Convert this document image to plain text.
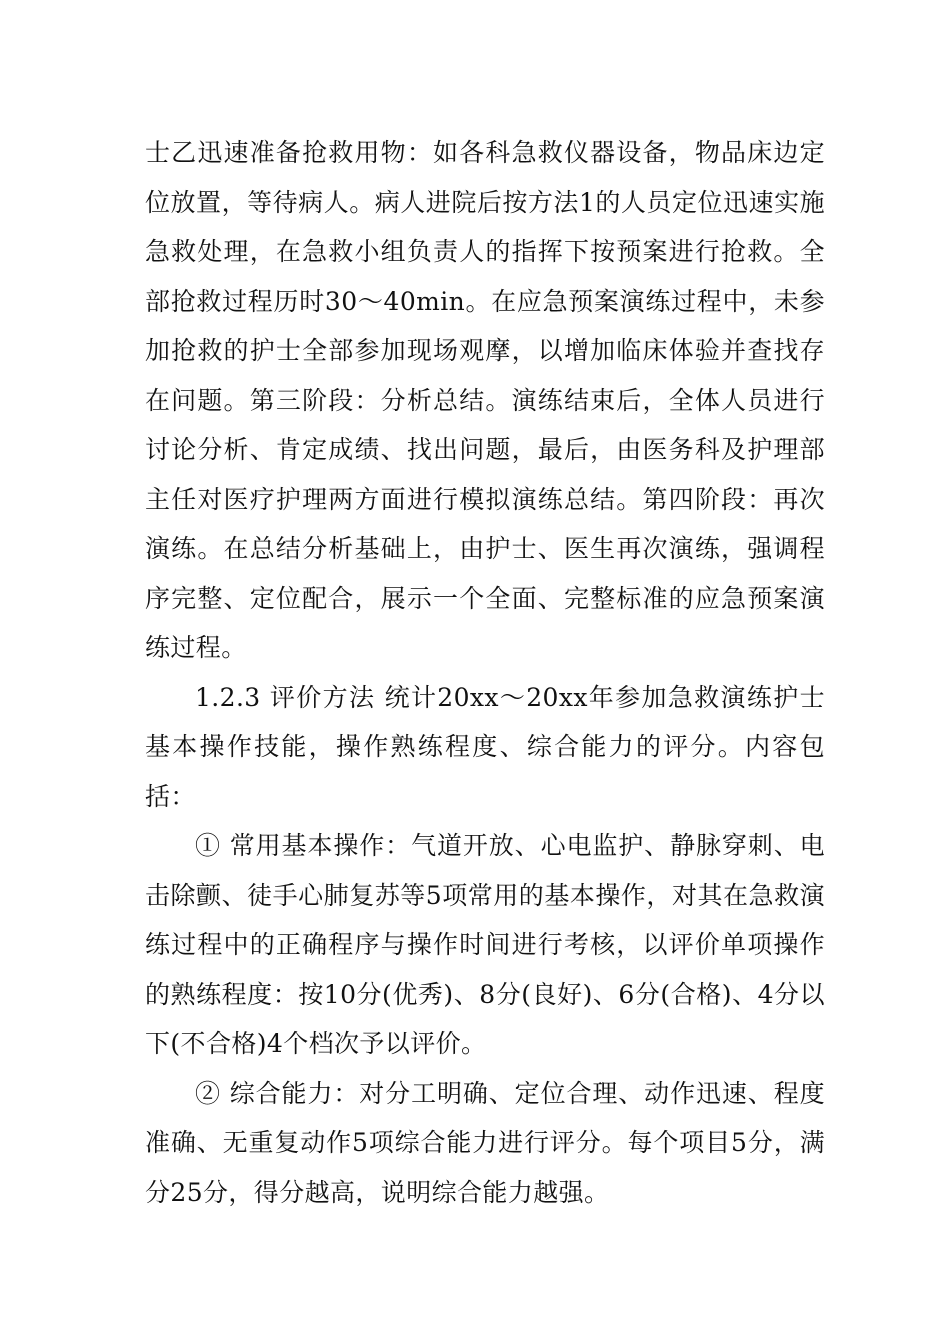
士乙迅速准备抢救用物：如各科急救仪器设备，物品床边定位放置，等待病人。病人进院后按方法1的人员定位迅速实施急救处理，在急救小组负责人的指挥下按预案进行抢救。全部抢救过程历时30～40min。在应急预案演练过程中，未参加抢救的护士全部参加现场观摩，以增加临床体验并查找存在问题。第三阶段：分析总结。演练结束后，全体人员进行讨论分析、肯定成绩、找出问题，最后，由医务科及护理部主任对医疗护理两方面进行模拟演练总结。第四阶段：再次演练。在总结分析基础上，由护士、医生再次演练，强调程序完整、定位配合，展示一个全面、完整标准的应急预案演练过程。

1.2.3 评价方法 统计20xx～20xx年参加急救演练护士基本操作技能，操作熟练程度、综合能力的评分。内容包括：

① 常用基本操作：气道开放、心电监护、静脉穿刺、电击除颤、徒手心肺复苏等5项常用的基本操作，对其在急救演练过程中的正确程序与操作时间进行考核，以评价单项操作的熟练程度：按10分(优秀)、8分(良好)、6分(合格)、4分以下(不合格)4个档次予以评价。

② 综合能力：对分工明确、定位合理、动作迅速、程度准确、无重复动作5项综合能力进行评分。每个项目5分，满分25分，得分越高，说明综合能力越强。
